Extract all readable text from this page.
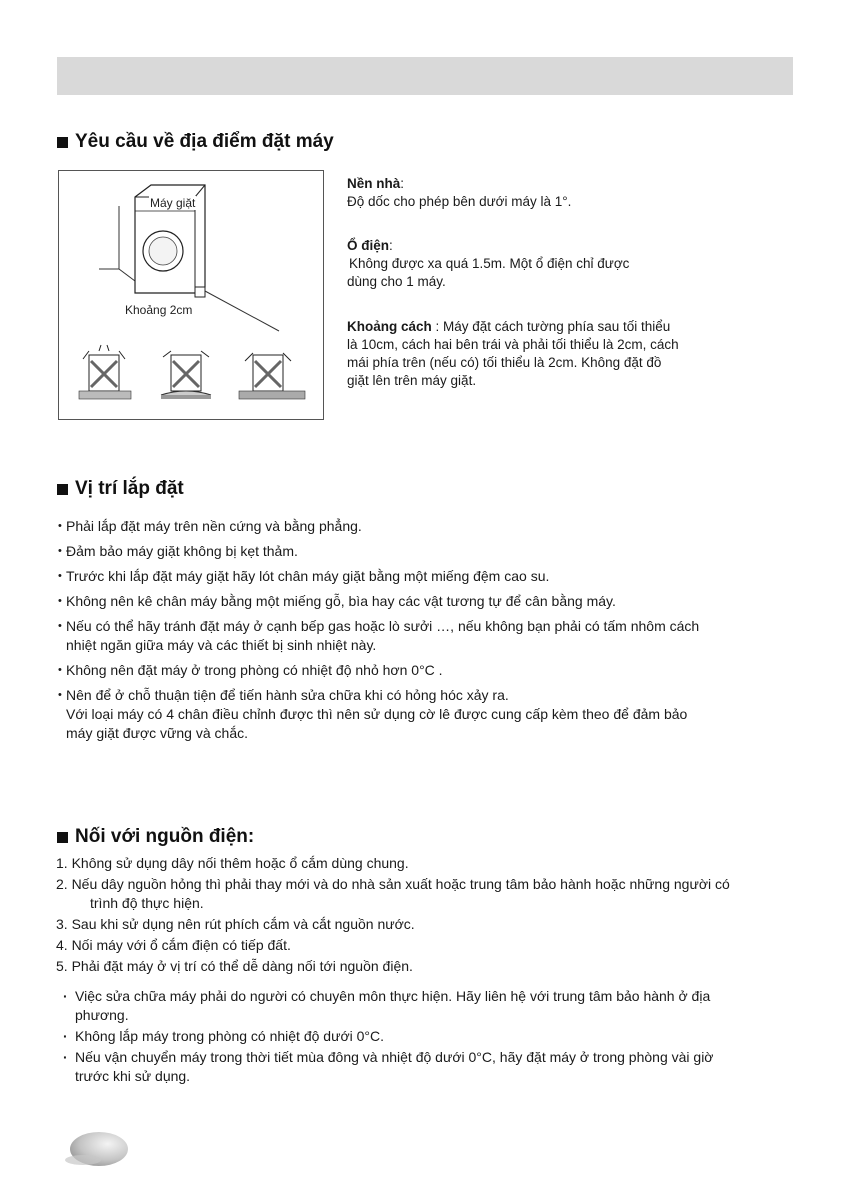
Yêu cầu về địa điểm đặt máy
Máy giặt
Khoảng 2cm

Nền nhà:

Độ dốc cho phép bên dưới máy là 1°.

Ổ điện:

Không được xa quá 1.5m. Một ổ điện chỉ được

dùng cho 1 máy.

Khoảng cách : Máy đặt cách tường phía sau tối thiểu

là 10cm, cách hai bên trái và phải tối thiểu là 2cm, cách

mái phía trên (nếu có) tối thiểu là 2cm. Không đặt đồ

giặt lên trên máy giặt.

Vị trí lắp đặt
• Phải lắp đặt máy trên nền cứng và bằng phẳng.
• Đảm bảo máy giặt không bị kẹt thảm.
• Trước khi lắp đặt máy giặt hãy lót chân máy giặt bằng một miếng đệm cao su.
• Không nên kê chân máy bằng một miếng gỗ, bìa hay các vật tương tự để cân bằng máy.
• Nếu có thể hãy tránh đặt máy ở cạnh bếp gas hoặc lò sưởi …, nếu không bạn phải có tấm nhôm cách
nhiệt ngăn giữa máy và các thiết bị sinh nhiệt này.
• Không nên đặt máy ở trong phòng có nhiệt độ nhỏ hơn 0°C .
• Nên để ở chỗ thuận tiện để tiến hành sửa chữa khi có hỏng hóc xảy ra.
Với loại máy có 4 chân điều chỉnh được thì nên sử dụng cờ lê được cung cấp kèm theo để đảm bảo
máy giặt được vững và chắc.
Nối với nguồn điện:
1. Không sử dụng dây nối thêm hoặc ổ cắm dùng chung.
2. Nếu dây nguồn hỏng thì phải thay mới và do nhà sản xuất hoặc trung tâm bảo hành hoặc những người có
trình độ thực hiện.
3. Sau khi sử dụng nên rút phích cắm và cắt nguồn nước.
4. Nối máy với ổ cắm điện có tiếp đất.
5. Phải đặt máy ở vị trí có thể dễ dàng nối tới nguồn điện.
· Việc sửa chữa máy phải do người có chuyên môn thực hiện. Hãy liên hệ với trung tâm bảo hành ở địa
phương.
· Không lắp máy trong phòng có nhiệt độ dưới 0°C.
· Nếu vận chuyển máy trong thời tiết mùa đông và nhiệt độ dưới 0°C, hãy đặt máy ở trong phòng vài giờ
trước khi sử dụng.
